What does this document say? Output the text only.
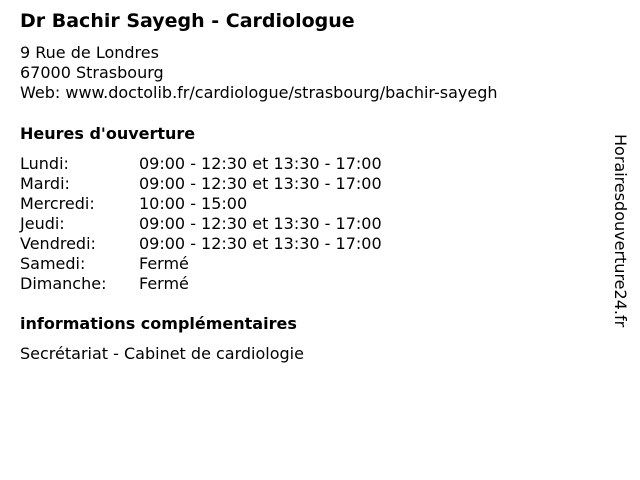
Dr Bachir Sayegh - Cardiologue
9 Rue de Londres
67000 Strasbourg
Web: www.doctolib.fr/cardiologue/strasbourg/bachir-sayegh
Heures d'ouverture
Lundi:	09:00 - 12:30 et 13:30 - 17:00
Mardi:	09:00 - 12:30 et 13:30 - 17:00
Mercredi:	10:00 - 15:00
Jeudi:	09:00 - 12:30 et 13:30 - 17:00
Vendredi:	09:00 - 12:30 et 13:30 - 17:00
Samedi:	Fermé
Dimanche:	Fermé
informations complémentaires
Secrétariat - Cabinet de cardiologie
Horairesdouverture24.fr
